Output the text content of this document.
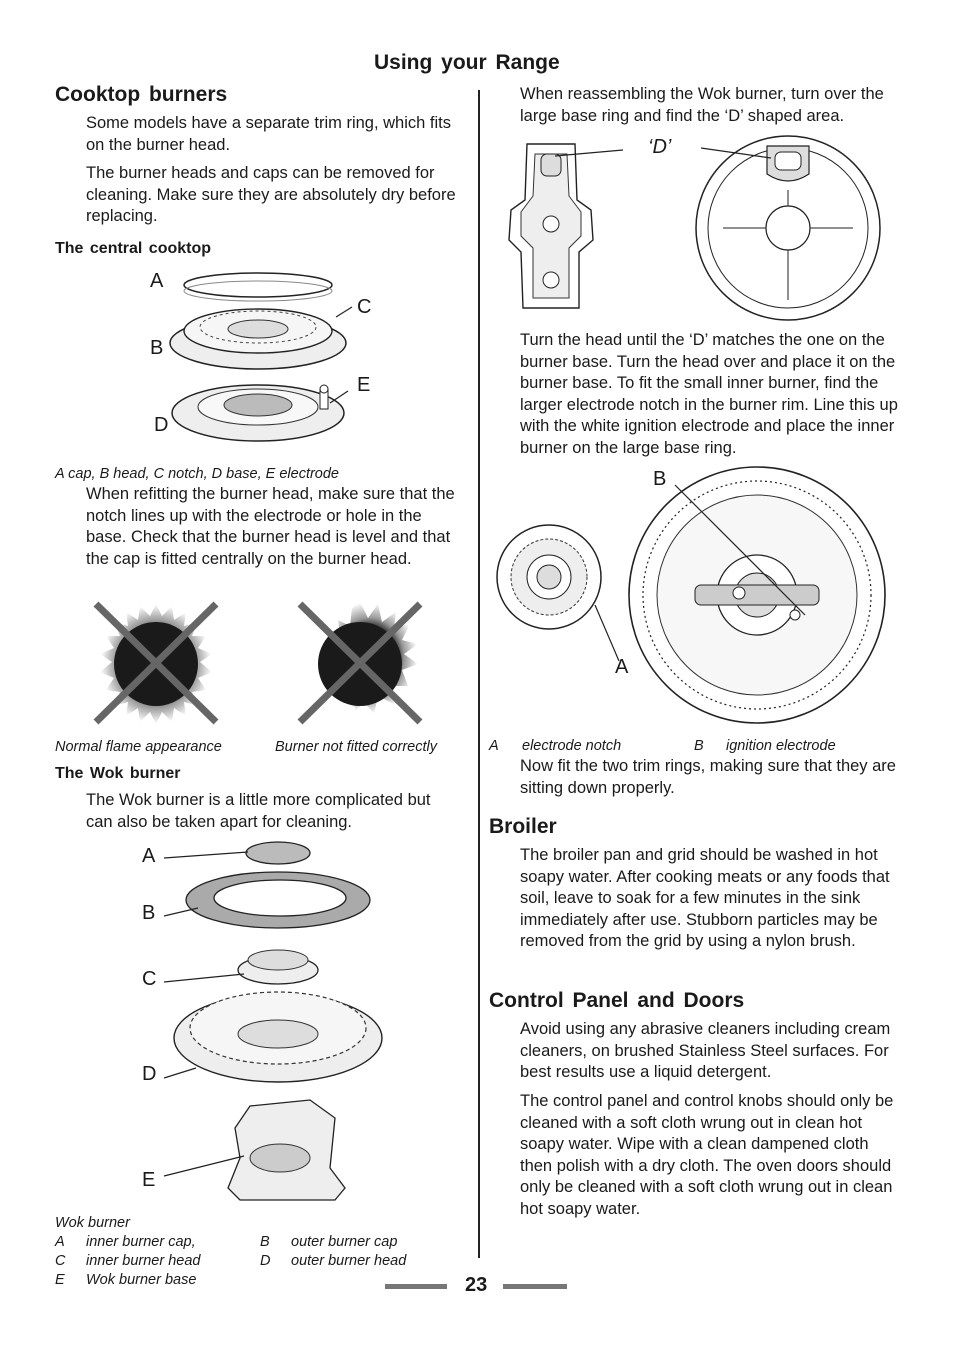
Using your Range
Cooktop burners
Some models have a separate trim ring, which fits on the burner head.
The burner heads and caps can be removed for cleaning. Make sure they are absolutely dry before replacing.
The central cooktop
A
B
C
D
E
A cap, B head, C notch, D base, E electrode
When refitting the burner head, make sure that the notch lines up with the electrode or hole in the base. Check that the burner head is level and that the cap is fitted centrally on the burner head.
Normal flame appearance	Burner not fitted correctly
The Wok burner
The Wok burner is a little more complicated but can also be taken apart for cleaning.
A
B
C
D
E
Wok burner
A inner burner cap,	B outer burner cap
C inner burner head	D outer burner head
E Wok burner base
When reassembling the Wok burner, turn over the large base ring and find the ‘D’ shaped area.
‘D’
Turn the head until the ‘D’ matches the one on the burner base. Turn the head over and place it on the burner base. To fit the small inner burner, find the larger electrode notch in the burner rim. Line this up with the white ignition electrode and place the inner burner on the large base ring.
B
A
A electrode notch	B ignition electrode
Now fit the two trim rings, making sure that they are sitting down properly.
Broiler
The broiler pan and grid should be washed in hot soapy water. After cooking meats or any foods that soil, leave to soak for a few minutes in the sink immediately after use. Stubborn particles may be removed from the grid by using a nylon brush.
Control Panel and Doors
Avoid using any abrasive cleaners including cream cleaners, on brushed Stainless Steel surfaces. For best results use a liquid detergent.
The control panel and control knobs should only be cleaned with a soft cloth wrung out in clean hot soapy water. Wipe with a clean dampened cloth then polish with a dry cloth. The oven doors should only be cleaned with a soft cloth wrung out in clean hot soapy water.
23
